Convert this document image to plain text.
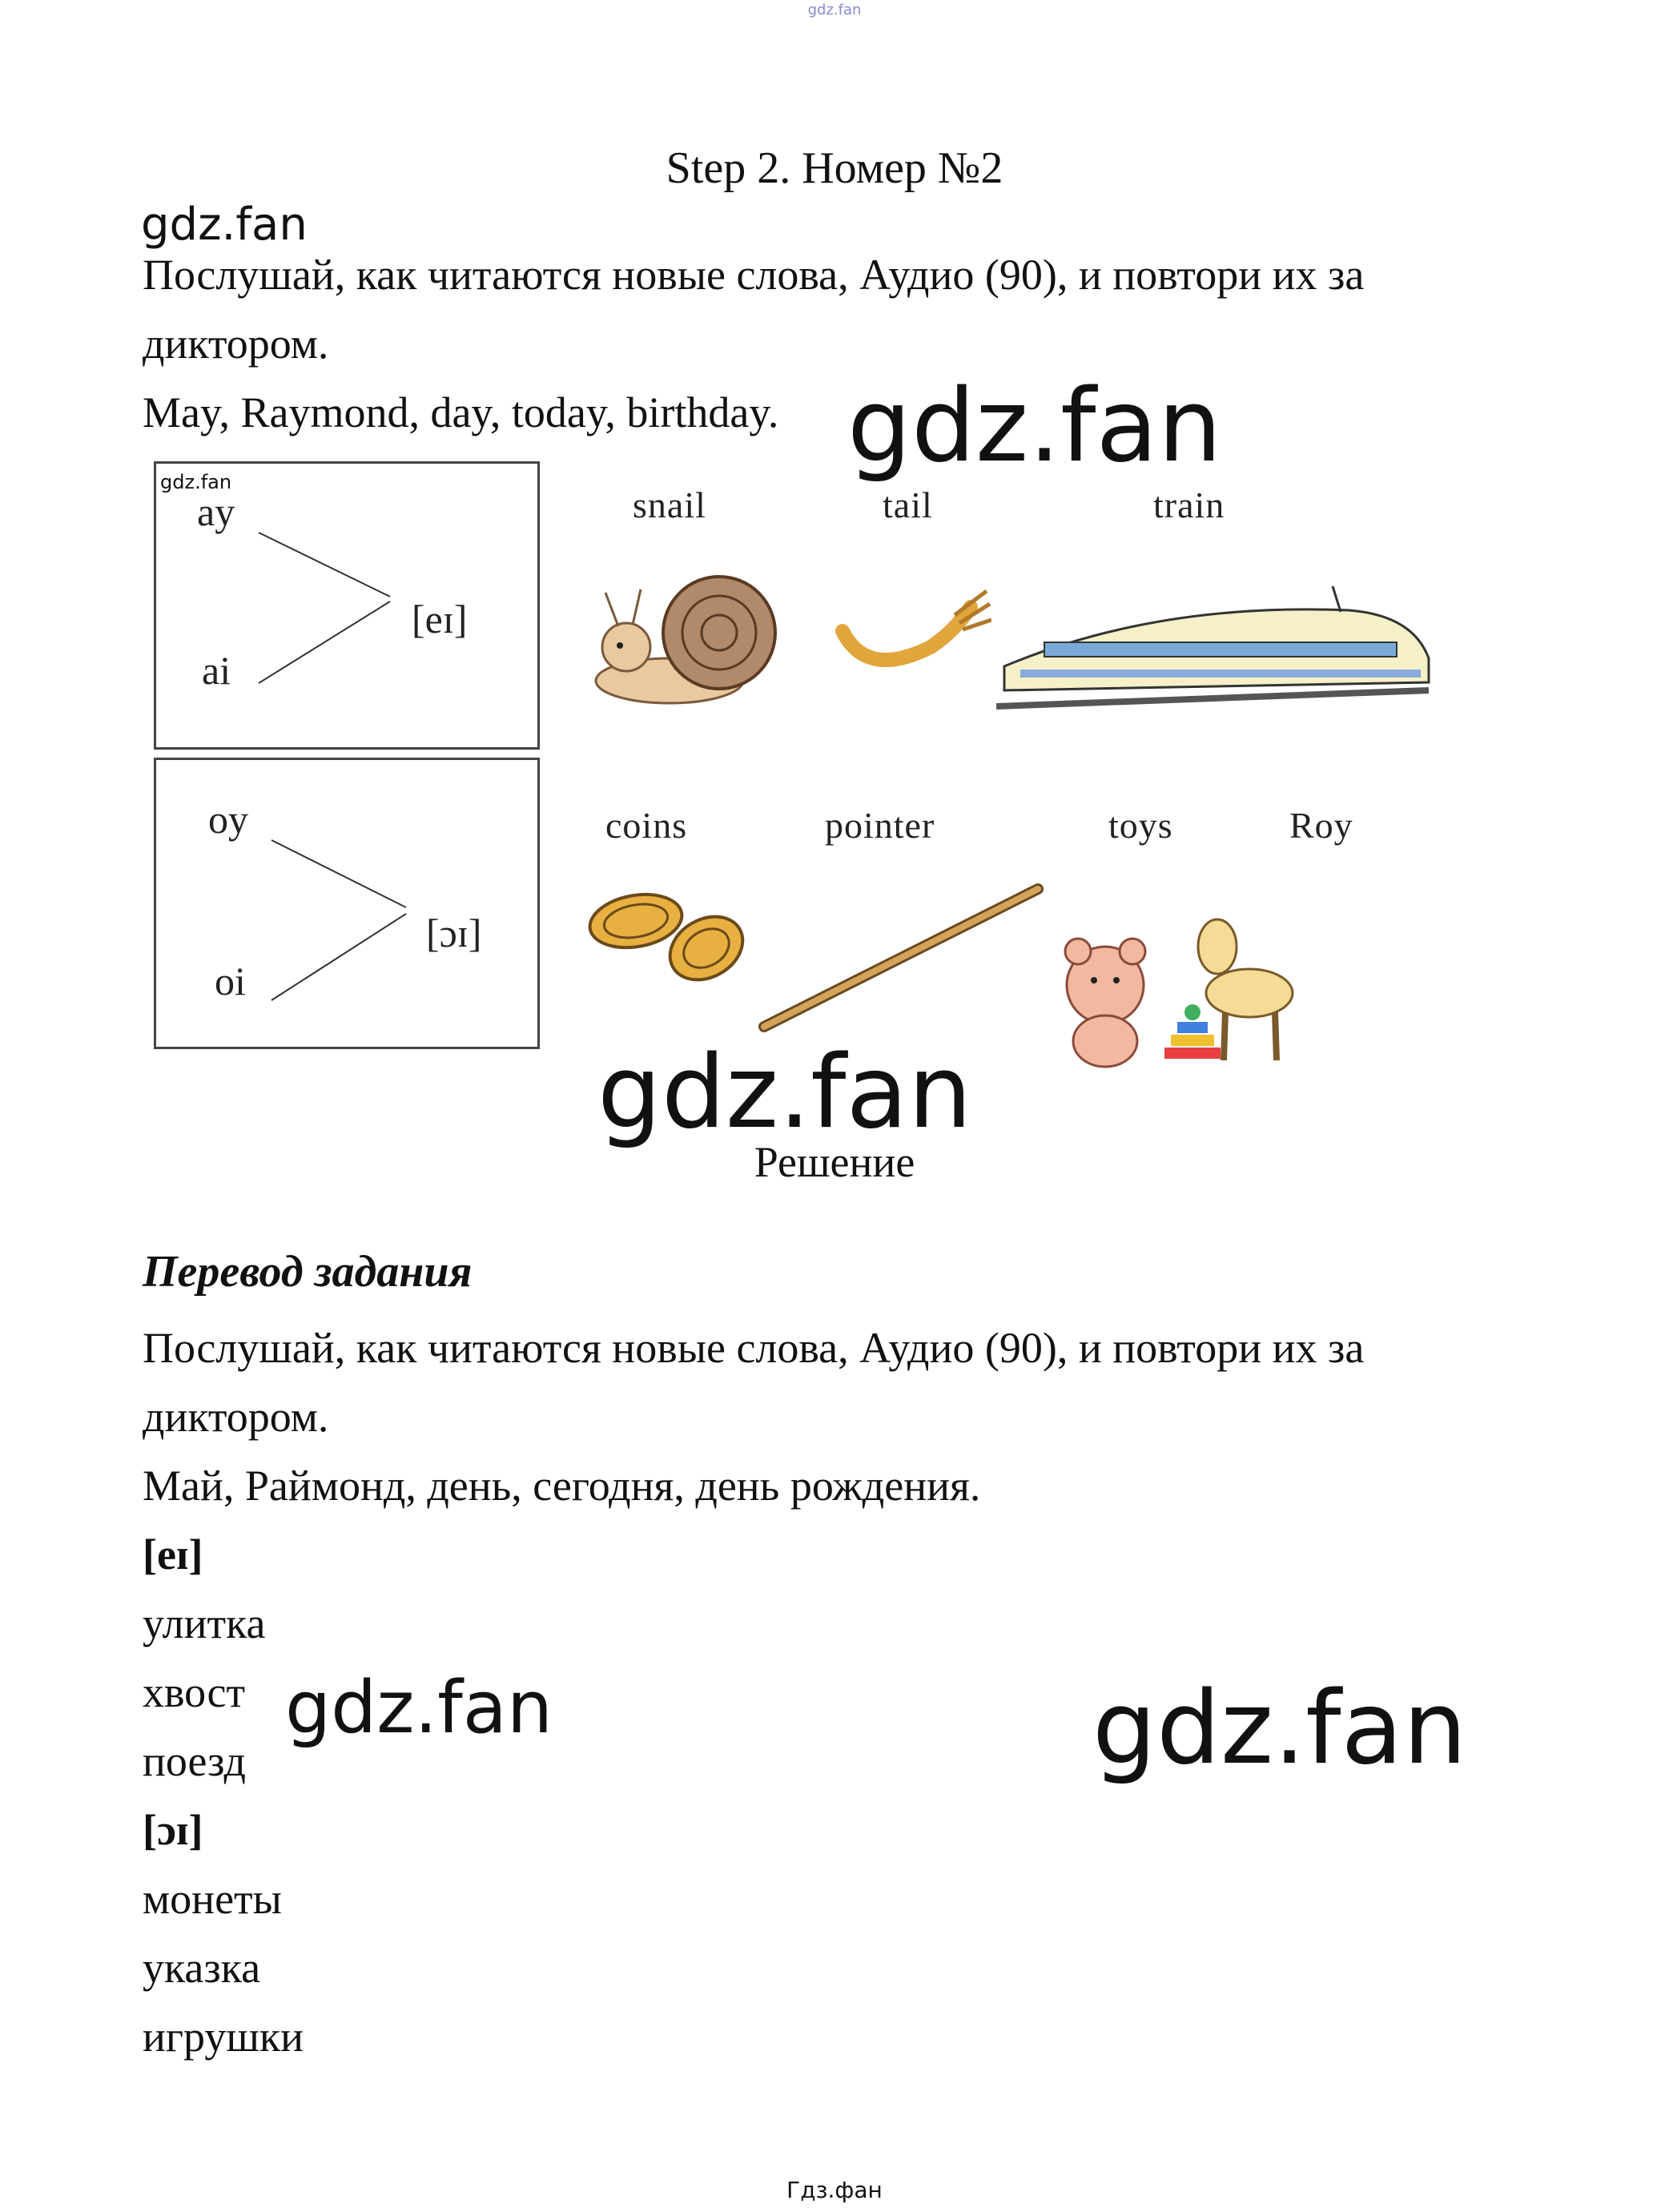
gdz.fan
Step 2. Номер №2
gdz.fan
Послушай, как читаются новые слова, Аудио (90), и повтори их за
диктором.
May, Raymond, day, today, birthday. gdz.fan
gdz.fan
ay
ai
[eɪ]
oy
oi
[ɔɪ]
snail	tail	train
coins	pointer	toys	Roy
gdz.fan
Решение
Перевод задания
Послушай, как читаются новые слова, Аудио (90), и повтори их за
диктором.
Май, Раймонд, день, сегодня, день рождения.
[eɪ]
улитка
хвост
поезд
[ɔɪ]
монеты
указка
игрушки
gdz.fan	gdz.fan
Гдз.фан
